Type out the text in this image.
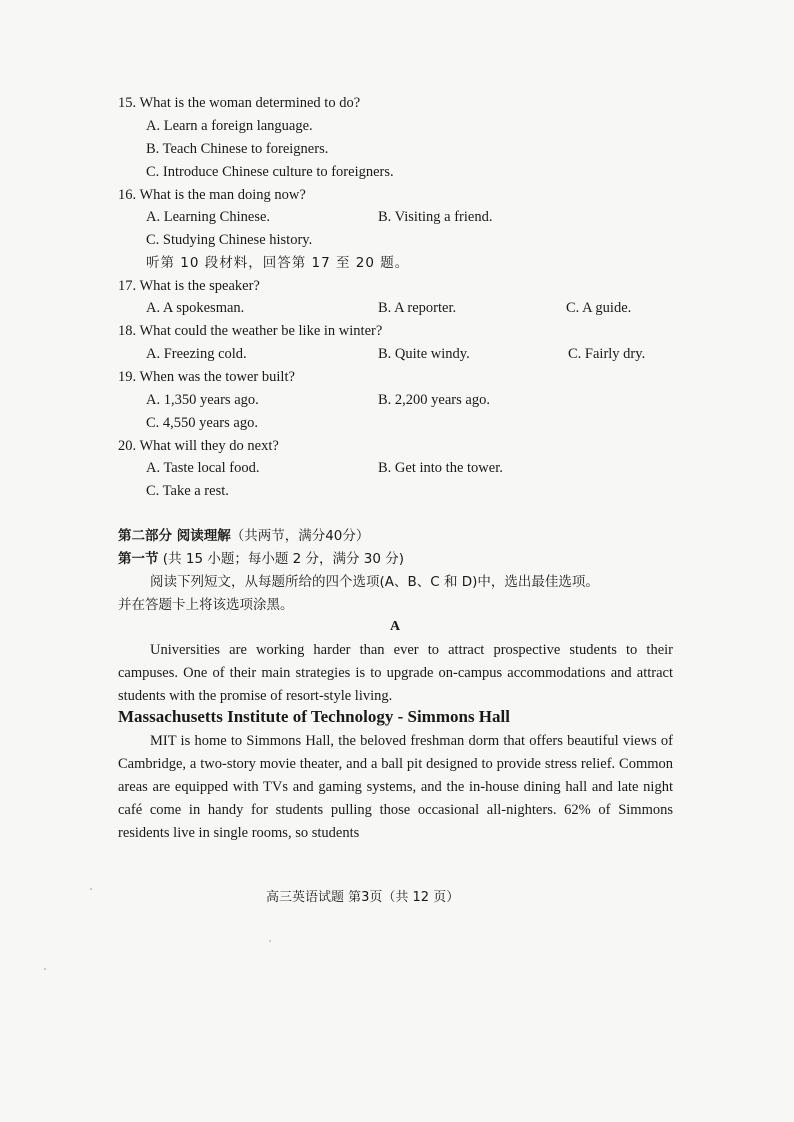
15. What is the woman determined to do?
A. Learn a foreign language.
B. Teach Chinese to foreigners.
C. Introduce Chinese culture to foreigners.
16. What is the man doing now?
A. Learning Chinese.	B. Visiting a friend.
C. Studying Chinese history.
听第 10 段材料，回答第 17 至 20 题。
17. What is the speaker?
A. A spokesman.	B. A reporter.	C. A guide.
18. What could the weather be like in winter?
A. Freezing cold.	B. Quite windy.	C. Fairly dry.
19. When was the tower built?
A. 1,350 years ago.	B. 2,200 years ago.
C. 4,550 years ago.
20. What will they do next?
A. Taste local food.	B. Get into the tower.
C. Take a rest.
第二部分 阅读理解（共两节，满分40分）
第一节 (共 15 小题；每小题 2 分，满分 30 分)
阅读下列短文，从每题所给的四个选项(A、B、C 和 D)中，选出最佳选项。
并在答题卡上将该选项涂黑。
A
Universities are working harder than ever to attract prospective students to their campuses. One of their main strategies is to upgrade on-campus accommodations and attract students with the promise of resort-style living.
Massachusetts Institute of Technology - Simmons Hall
MIT is home to Simmons Hall, the beloved freshman dorm that offers beautiful views of Cambridge, a two-story movie theater, and a ball pit designed to provide stress relief. Common areas are equipped with TVs and gaming systems, and the in-house dining hall and late night café come in handy for students pulling those occasional all-nighters. 62% of Simmons residents live in single rooms, so students
高三英语试题 第3页（共 12 页）
